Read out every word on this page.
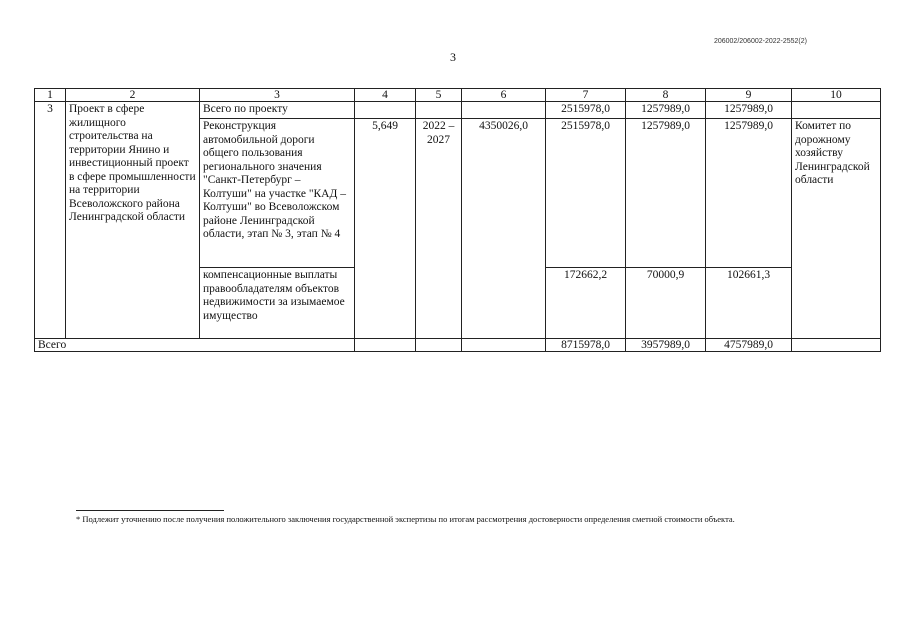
206002/206002-2022-2552(2)
3
1	2	3	4	5	6	7	8	9	10
3	Проект в сфере жилищного строительства на территории Янино и инвестиционный проект в сфере промышленности на территории Всеволожского района Ленинградской области	Всего по проекту				2515978,0	1257989,0	1257989,0	
		Реконструкция автомобильной дороги общего пользования регионального значения "Санкт-Петербург – Колтуши" на участке "КАД – Колтуши" во Всеволожском районе Ленинградской области, этап № 3, этап № 4	5,649	2022 – 2027	4350026,0	2515978,0	1257989,0	1257989,0	Комитет по дорожному хозяйству Ленинградской области
		компенсационные выплаты правообладателям объектов недвижимости за изымаемое имущество				172662,2	70000,9	102661,3	
Всего						8715978,0	3957989,0	4757989,0	
* Подлежит уточнению после получения положительного заключения государственной экспертизы по итогам рассмотрения достоверности определения сметной стоимости объекта.
